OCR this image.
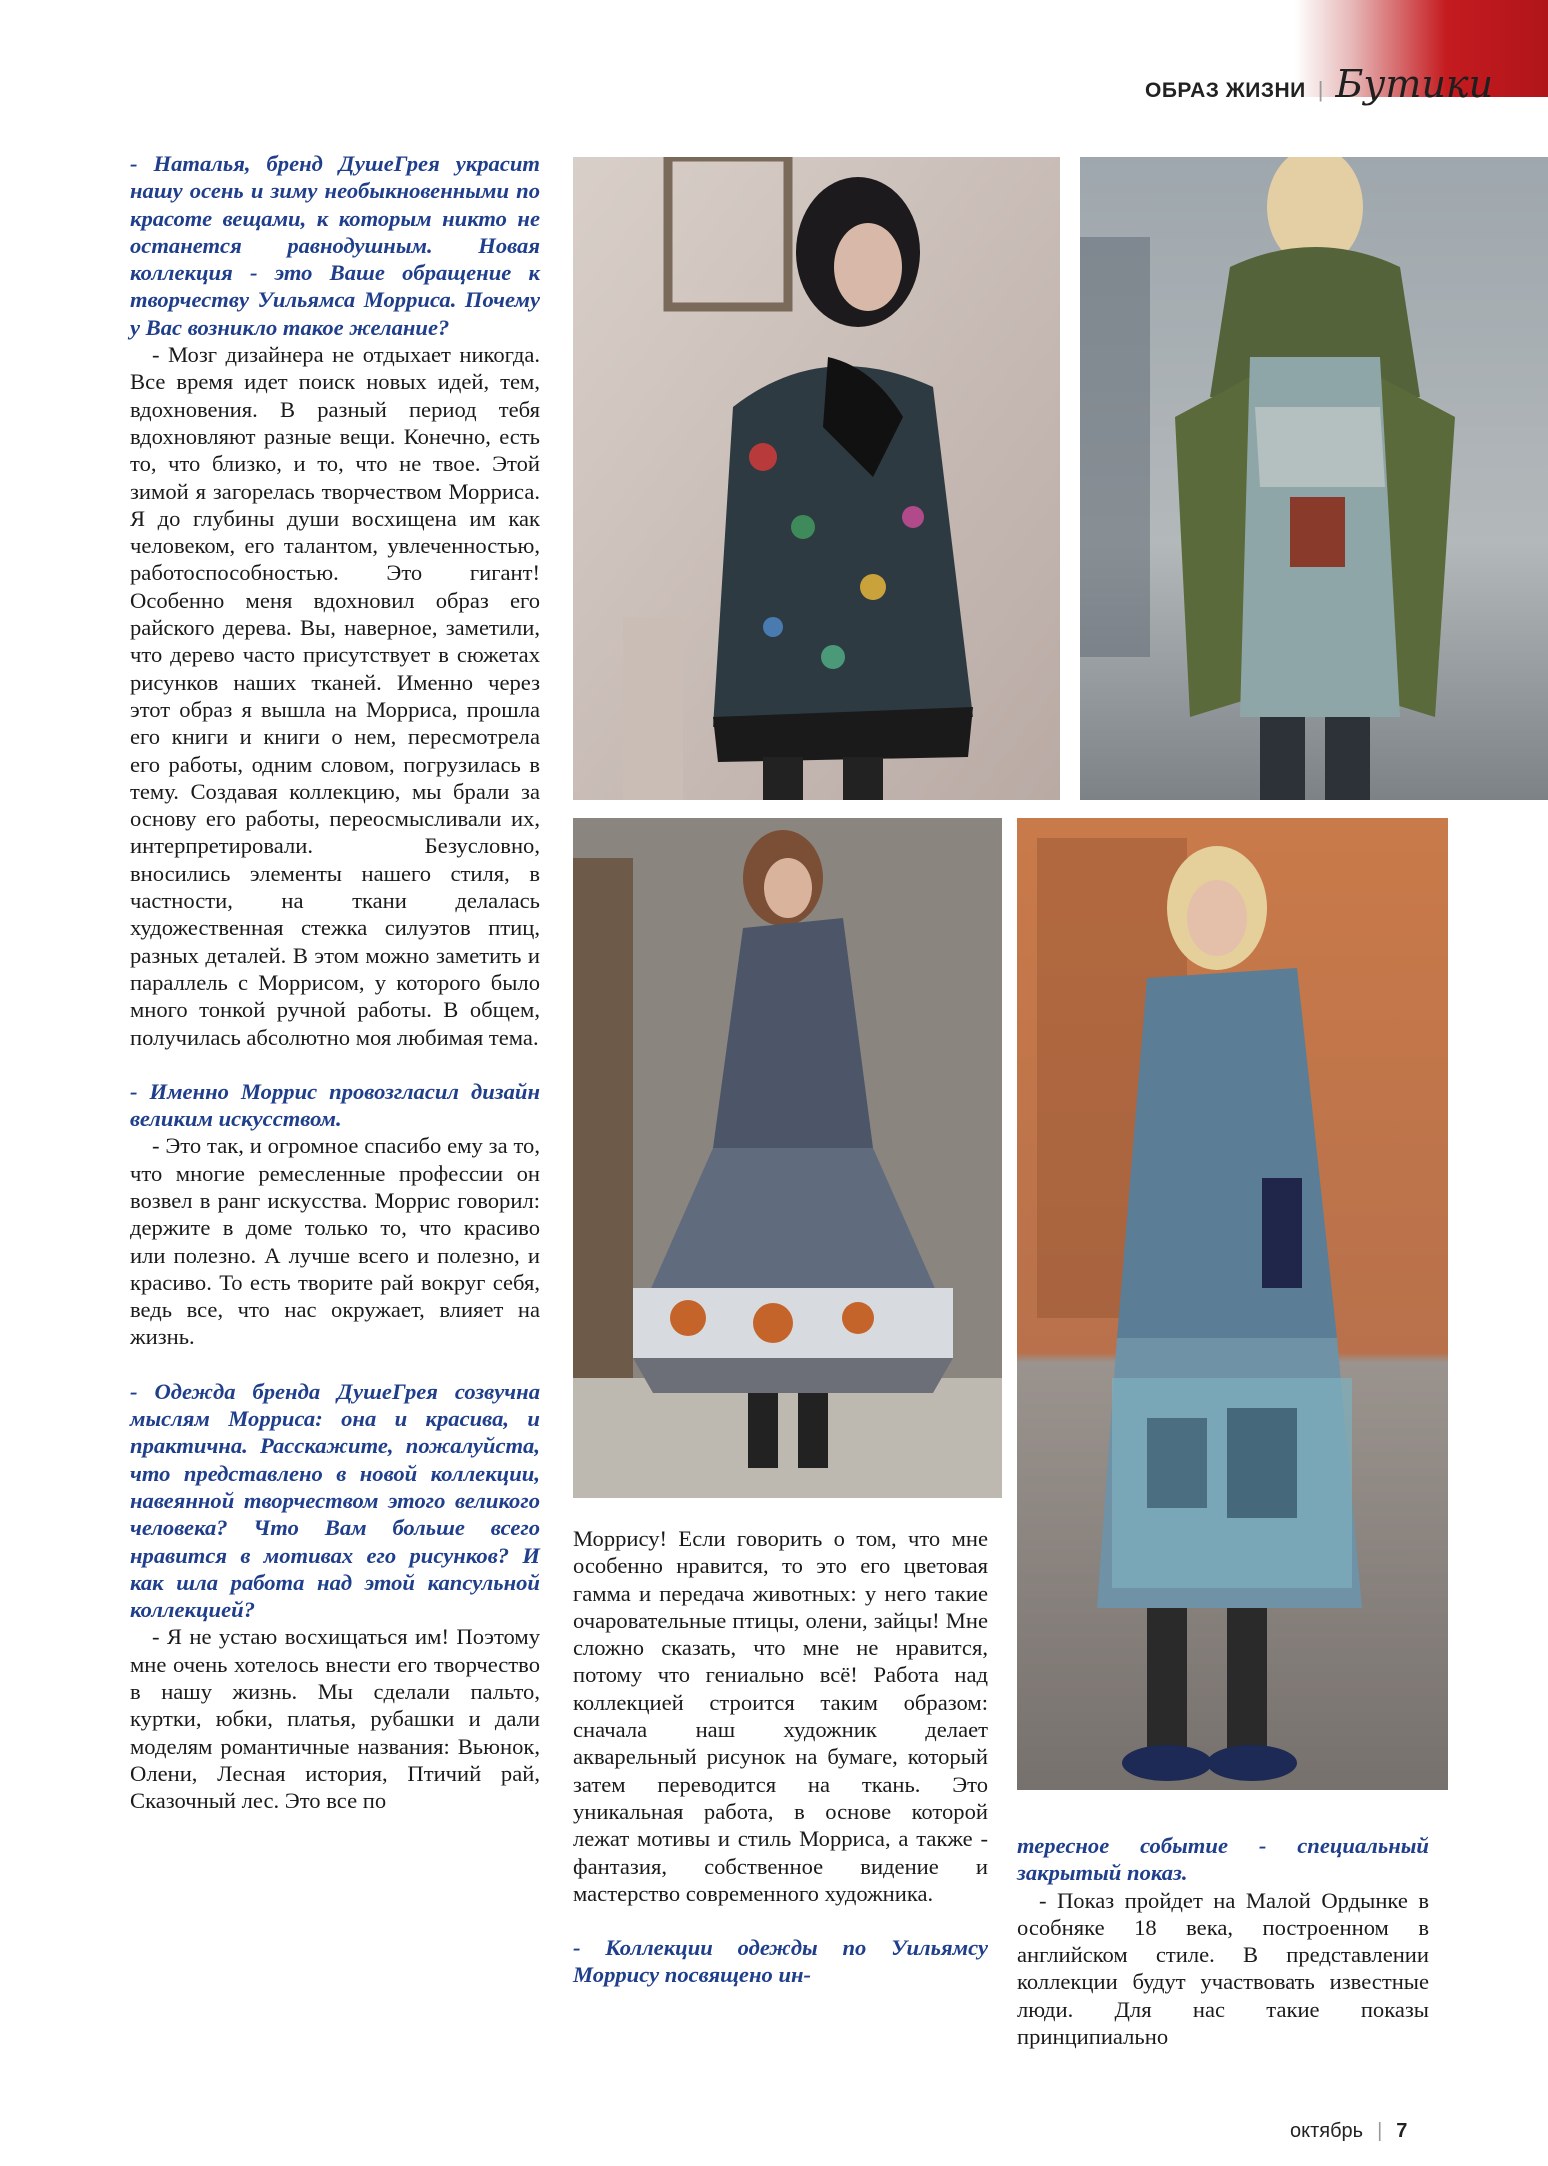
ОБРАЗ ЖИЗНИ | Бутики

- Наталья, бренд ДушеГрея украсит нашу осень и зиму необыкновенными по красоте вещами, к которым никто не останется равнодушным. Новая коллекция - это Ваше обращение к творчеству Уильямса Морриса. Почему у Вас возникло такое желание?

- Мозг дизайнера не отдыхает никогда. Все время идет поиск новых идей, тем, вдохновения. В разный период тебя вдохновляют разные вещи. Конечно, есть то, что близко, и то, что не твое. Этой зимой я загорелась творчеством Морриса. Я до глубины души восхищена им как человеком, его талантом, увлеченностью, работоспособностью. Это гигант! Особенно меня вдохновил образ его райского дерева. Вы, наверное, заметили, что дерево часто присутствует в сюжетах рисунков наших тканей. Именно через этот образ я вышла на Морриса, прошла его книги и книги о нем, пересмотрела его работы, одним словом, погрузилась в тему. Создавая коллекцию, мы брали за основу его работы, переосмысливали их, интерпретировали. Безусловно, вносились элементы нашего стиля, в частности, на ткани делалась художественная стежка силуэтов птиц, разных деталей. В этом можно заметить и параллель с Моррисом, у которого было много тонкой ручной работы. В общем, получилась абсолютно моя любимая тема.

- Именно Моррис провозгласил дизайн великим искусством.

- Это так, и огромное спасибо ему за то, что многие ремесленные профессии он возвел в ранг искусства. Моррис говорил: держите в доме только то, что красиво или полезно. А лучше всего и полезно, и красиво. То есть творите рай вокруг себя, ведь все, что нас окружает, влияет на жизнь.

- Одежда бренда ДушеГрея созвучна мыслям Морриса: она и красива, и практична. Расскажите, пожалуйста, что представлено в новой коллекции, навеянной творчеством этого великого человека? Что Вам больше всего нравится в мотивах его рисунков? И как шла работа над этой капсульной коллекцией?

- Я не устаю восхищаться им! Поэтому мне очень хотелось внести его творчество в нашу жизнь. Мы сделали пальто, куртки, юбки, платья, рубашки и дали моделям романтичные названия: Вьюнок, Олени, Лесная история, Птичий рай, Сказочный лес. Это все по

Моррису! Если говорить о том, что мне особенно нравится, то это его цветовая гамма и передача животных: у него такие очаровательные птицы, олени, зайцы! Мне сложно сказать, что мне не нравится, потому что гениально всё! Работа над коллекцией строится таким образом: сначала наш художник делает акварельный рисунок на бумаге, который затем переводится на ткань. Это уникальная работа, в основе которой лежат мотивы и стиль Морриса, а также - фантазия, собственное видение и мастерство современного художника.

- Коллекции одежды по Уильямсу Моррису посвящено ин-

тересное событие - специальный закрытый показ.

- Показ пройдет на Малой Ордынке в особняке 18 века, построенном в английском стиле. В представлении коллекции будут участвовать известные люди. Для нас такие показы принципиально

октябрь | 7
